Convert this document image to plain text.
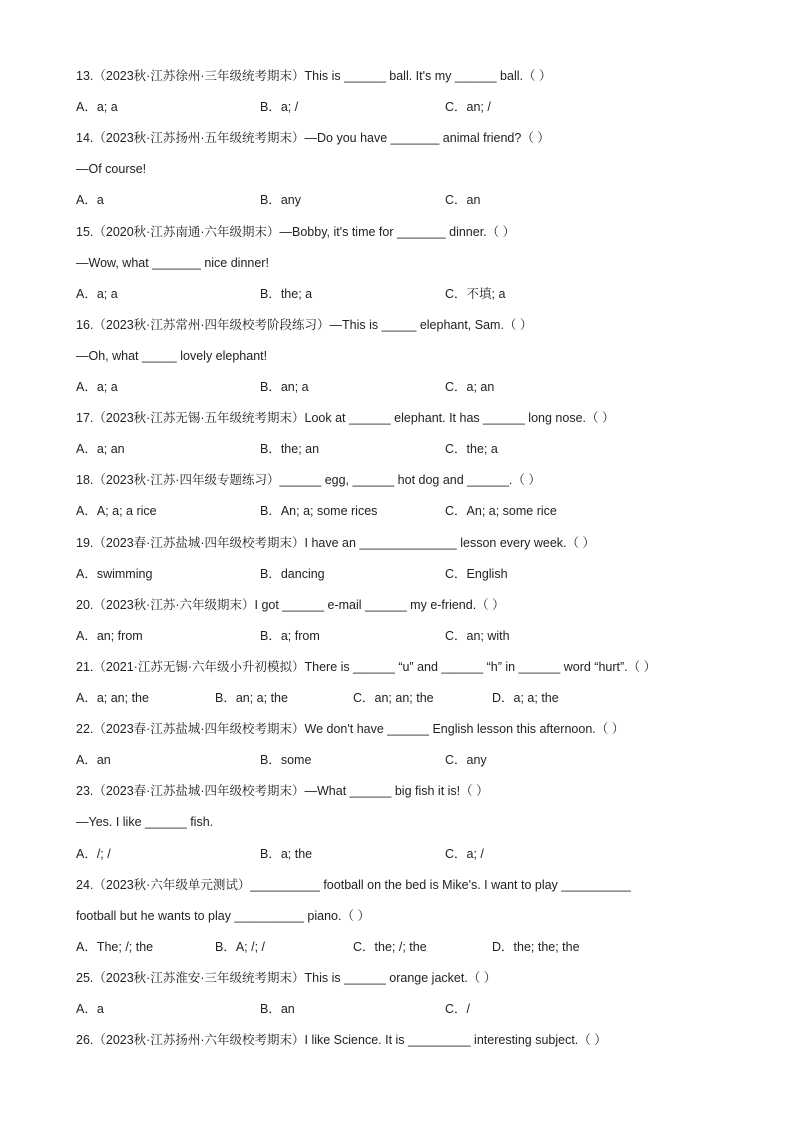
13.（2023秋·江苏徐州·三年级统考期末）This is ______ ball. It's my ______ ball.（ ）
A．a; a	B．a; /	C．an; /
14.（2023秋·江苏扬州·五年级统考期末）—Do you have _______ animal friend?（ ）
—Of course!
A．a	B．any	C．an
15.（2020秋·江苏南通·六年级期末）—Bobby, it's time for _______ dinner.（ ）
—Wow, what _______ nice dinner!
A．a; a	B．the; a	C．不填; a
16.（2023秋·江苏常州·四年级校考阶段练习）—This is _____ elephant, Sam.（ ）
—Oh, what _____ lovely elephant!
A．a; a	B．an; a	C．a; an
17.（2023秋·江苏无锡·五年级统考期末）Look at ______ elephant. It has ______ long nose.（ ）
A．a; an	B．the; an	C．the; a
18.（2023秋·江苏·四年级专题练习）______ egg, ______ hot dog and ______.（ ）
A．A; a; a rice	B．An; a; some rices	C．An; a; some rice
19.（2023春·江苏盐城·四年级校考期末）I have an ______________ lesson every week.（ ）
A．swimming	B．dancing	C．English
20.（2023秋·江苏·六年级期末）I got ______ e-mail ______ my e-friend.（ ）
A．an; from	B．a; from	C．an; with
21.（2021·江苏无锡·六年级小升初模拟）There is ______ “u” and ______ “h” in ______ word “hurt”.（ ）
A．a; an; the	B．an; a; the	C．an; an; the	D．a; a; the
22.（2023春·江苏盐城·四年级校考期末）We don't have ______ English lesson this afternoon.（ ）
A．an	B．some	C．any
23.（2023春·江苏盐城·四年级校考期末）—What ______ big fish it is!（ ）
—Yes. I like ______ fish.
A．/; /	B．a; the	C．a; /
24.（2023秋·六年级单元测试）__________ football on the bed is Mike's. I want to play __________
football but he wants to play __________ piano.（ ）
A．The; /; the	B．A; /; /	C．the; /; the	D．the; the; the
25.（2023秋·江苏淮安·三年级统考期末）This is ______ orange jacket.（ ）
A．a	B．an	C．/
26.（2023秋·江苏扬州·六年级校考期末）I like Science. It is _________ interesting subject.（ ）
